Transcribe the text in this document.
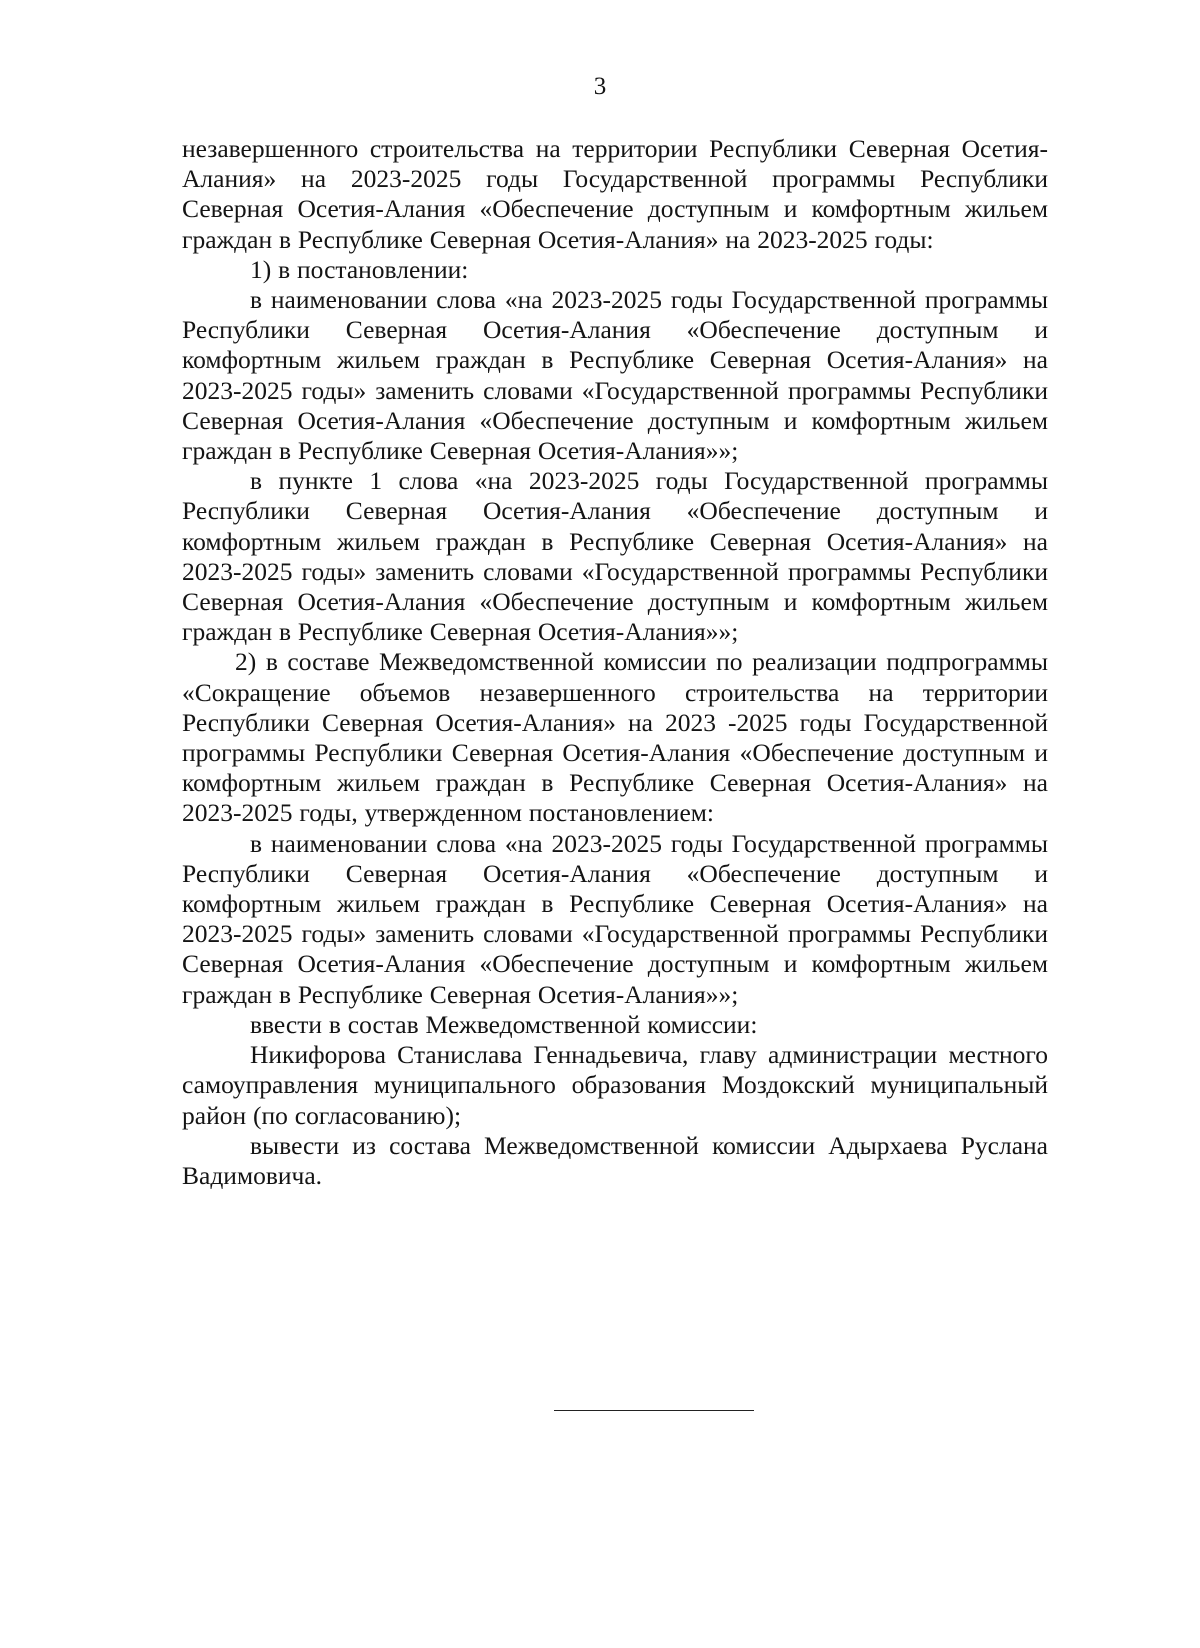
3

незавершенного строительства на территории Республики Северная Осетия-Алания» на 2023-2025 годы Государственной программы Республики Северная Осетия-Алания «Обеспечение доступным и комфортным жильем граждан в Республике Северная Осетия-Алания» на 2023-2025 годы:

1) в постановлении:

в наименовании слова «на 2023-2025 годы Государственной программы Республики Северная Осетия-Алания «Обеспечение доступным и комфортным жильем граждан в Республике Северная Осетия-Алания» на 2023-2025 годы» заменить словами «Государственной программы Республики Северная Осетия-Алания «Обеспечение доступным и комфортным жильем граждан в Республике Северная Осетия-Алания»»;

в пункте 1 слова «на 2023-2025 годы Государственной программы Республики Северная Осетия-Алания «Обеспечение доступным и комфортным жильем граждан в Республике Северная Осетия-Алания» на 2023-2025 годы» заменить словами «Государственной программы Республики Северная Осетия-Алания «Обеспечение доступным и комфортным жильем граждан в Республике Северная Осетия-Алания»»;

2) в составе Межведомственной комиссии по реализации подпрограммы «Сокращение объемов незавершенного строительства на территории Республики Северная Осетия-Алания» на 2023 -2025 годы Государственной программы Республики Северная Осетия-Алания «Обеспечение доступным и комфортным жильем граждан в Республике Северная Осетия-Алания» на 2023-2025 годы, утвержденном постановлением:

в наименовании слова «на 2023-2025 годы Государственной программы Республики Северная Осетия-Алания «Обеспечение доступным и комфортным жильем граждан в Республике Северная Осетия-Алания» на 2023-2025 годы» заменить словами «Государственной программы Республики Северная Осетия-Алания «Обеспечение доступным и комфортным жильем граждан в Республике Северная Осетия-Алания»»;

ввести в состав Межведомственной комиссии:

Никифорова Станислава Геннадьевича, главу администрации местного самоуправления муниципального образования Моздокский муниципальный район (по согласованию);

вывести из состава Межведомственной комиссии Адырхаева Руслана Вадимовича.
